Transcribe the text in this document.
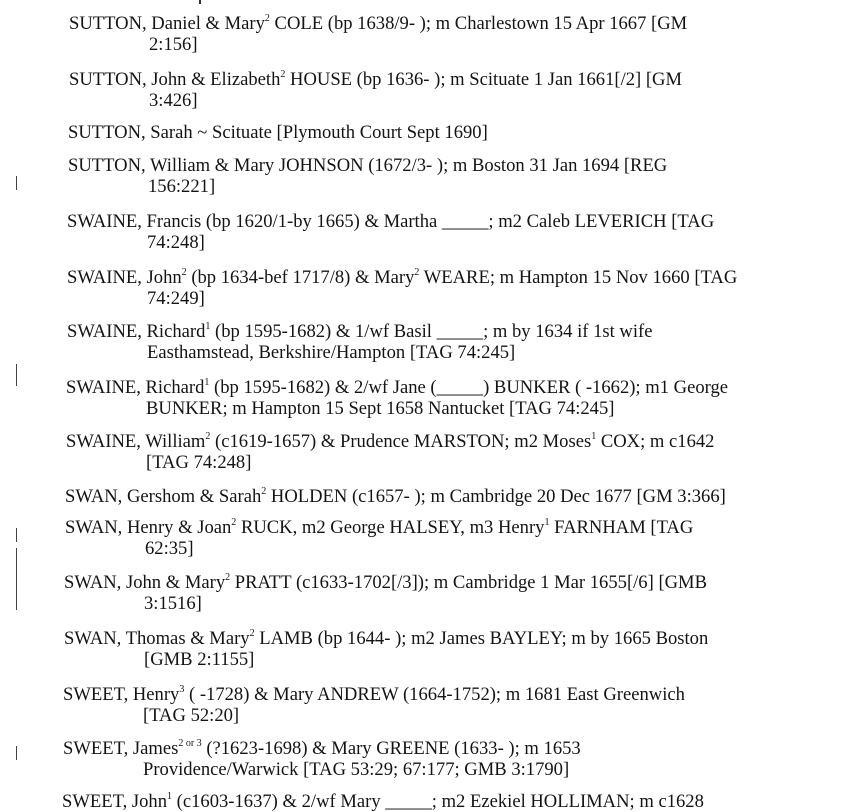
SUTTON, Daniel & Mary$^2$ COLE (bp 1638/9- ); m Charlestown 15 Apr 1667 [GM
2:156]
SUTTON, John & Elizabeth$^2$ HOUSE (bp 1636- ); m Scituate 1 Jan 1661[/2] [GM
3:426]
SUTTON, Sarah ~ Scituate [Plymouth Court Sept 1690]
SUTTON, William & Mary JOHNSON (1672/3- ); m Boston 31 Jan 1694 [REG
156:221]
SWAINE, Francis (bp 1620/1-by 1665) & Martha _____; m2 Caleb LEVERICH [TAG
74:248]
SWAINE, John$^2$ (bp 1634-bef 1717/8) & Mary$^2$ WEARE; m Hampton 15 Nov 1660 [TAG
74:249]
SWAINE, Richard$^1$ (bp 1595-1682) & 1/wf Basil _____; m by 1634 if 1st wife
Easthamstead, Berkshire/Hampton [TAG 74:245]
SWAINE, Richard$^1$ (bp 1595-1682) & 2/wf Jane (_____) BUNKER ( -1662); m1 George
BUNKER; m Hampton 15 Sept 1658 Nantucket [TAG 74:245]
SWAINE, William$^2$ (c1619-1657) & Prudence MARSTON; m2 Moses$^1$ COX; m c1642
[TAG 74:248]
SWAN, Gershom & Sarah$^2$ HOLDEN (c1657- ); m Cambridge 20 Dec 1677 [GM 3:366]
SWAN, Henry & Joan$^2$ RUCK, m2 George HALSEY, m3 Henry$^1$ FARNHAM [TAG
62:35]
SWAN, John & Mary$^2$ PRATT (c1633-1702[/3]); m Cambridge 1 Mar 1655[/6] [GMB
3:1516]
SWAN, Thomas & Mary$^2$ LAMB (bp 1644- ); m2 James BAYLEY; m by 1665 Boston
[GMB 2:1155]
SWEET, Henry$^3$ ( -1728) & Mary ANDREW (1664-1752); m 1681 East Greenwich
[TAG 52:20]
SWEET, James$^{2 or 3}$ (?1623-1698) & Mary GREENE (1633- ); m 1653
Providence/Warwick [TAG 53:29; 67:177; GMB 3:1790]
SWEET, John$^1$ (c1603-1637) & 2/wf Mary _____; m2 Ezekiel HOLLIMAN; m c1628
